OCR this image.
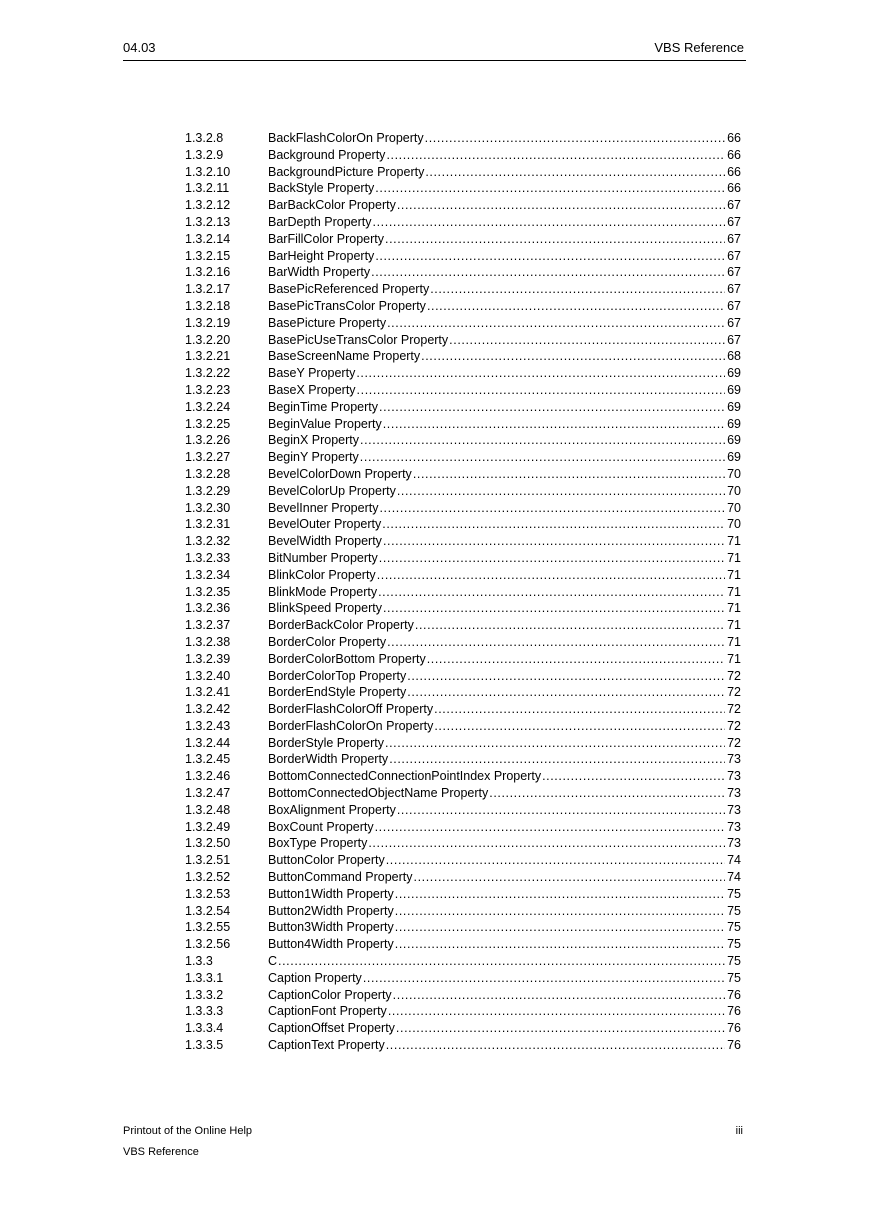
04.03	VBS Reference
1.3.2.8	BackFlashColorOn Property .....	66
1.3.2.9	Background Property .....	66
1.3.2.10	BackgroundPicture Property .....	66
1.3.2.11	BackStyle Property .....	66
1.3.2.12	BarBackColor Property .....	67
1.3.2.13	BarDepth Property .....	67
1.3.2.14	BarFillColor Property .....	67
1.3.2.15	BarHeight Property .....	67
1.3.2.16	BarWidth Property .....	67
1.3.2.17	BasePicReferenced Property .....	67
1.3.2.18	BasePicTransColor Property .....	67
1.3.2.19	BasePicture Property .....	67
1.3.2.20	BasePicUseTransColor Property .....	67
1.3.2.21	BaseScreenName Property .....	68
1.3.2.22	BaseY Property .....	69
1.3.2.23	BaseX Property .....	69
1.3.2.24	BeginTime Property .....	69
1.3.2.25	BeginValue Property .....	69
1.3.2.26	BeginX Property .....	69
1.3.2.27	BeginY Property .....	69
1.3.2.28	BevelColorDown Property .....	70
1.3.2.29	BevelColorUp Property .....	70
1.3.2.30	BevelInner Property .....	70
1.3.2.31	BevelOuter Property .....	70
1.3.2.32	BevelWidth Property .....	71
1.3.2.33	BitNumber Property .....	71
1.3.2.34	BlinkColor Property .....	71
1.3.2.35	BlinkMode Property .....	71
1.3.2.36	BlinkSpeed Property .....	71
1.3.2.37	BorderBackColor Property .....	71
1.3.2.38	BorderColor Property .....	71
1.3.2.39	BorderColorBottom Property .....	71
1.3.2.40	BorderColorTop Property .....	72
1.3.2.41	BorderEndStyle Property .....	72
1.3.2.42	BorderFlashColorOff Property .....	72
1.3.2.43	BorderFlashColorOn Property .....	72
1.3.2.44	BorderStyle Property .....	72
1.3.2.45	BorderWidth Property .....	73
1.3.2.46	BottomConnectedConnectionPointIndex Property .....	73
1.3.2.47	BottomConnectedObjectName Property .....	73
1.3.2.48	BoxAlignment Property .....	73
1.3.2.49	BoxCount Property .....	73
1.3.2.50	BoxType Property .....	73
1.3.2.51	ButtonColor Property .....	74
1.3.2.52	ButtonCommand Property .....	74
1.3.2.53	Button1Width Property .....	75
1.3.2.54	Button2Width Property .....	75
1.3.2.55	Button3Width Property .....	75
1.3.2.56	Button4Width Property .....	75
1.3.3	C .....	75
1.3.3.1	Caption Property .....	75
1.3.3.2	CaptionColor Property .....	76
1.3.3.3	CaptionFont Property .....	76
1.3.3.4	CaptionOffset Property .....	76
1.3.3.5	CaptionText Property .....	76
Printout of the Online Help	iii
VBS Reference
